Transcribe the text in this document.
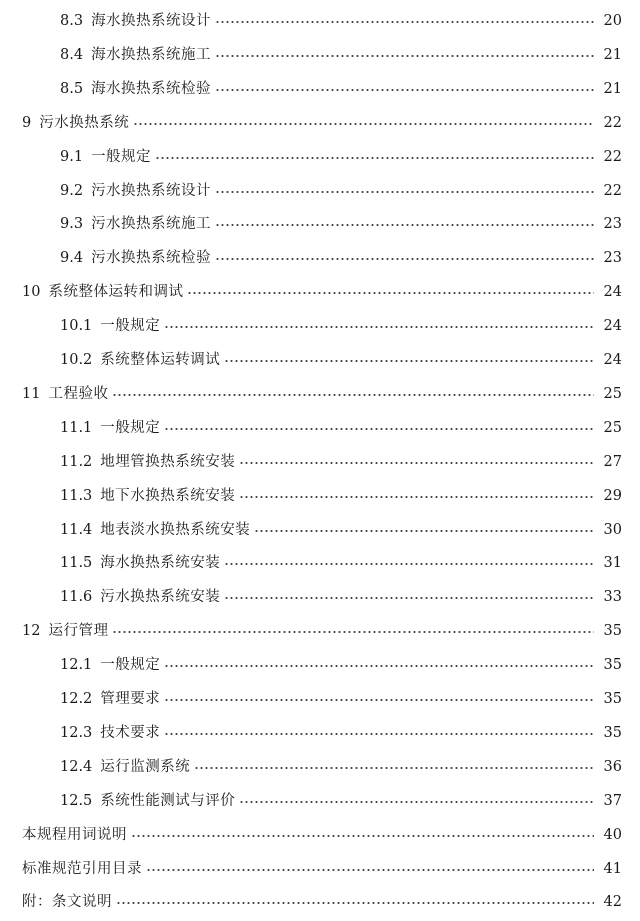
8.3 海水换热系统设计	20
8.4 海水换热系统施工	21
8.5 海水换热系统检验	21
9 污水换热系统	22
9.1 一般规定	22
9.2 污水换热系统设计	22
9.3 污水换热系统施工	23
9.4 污水换热系统检验	23
10 系统整体运转和调试	24
10.1 一般规定	24
10.2 系统整体运转调试	24
11 工程验收	25
11.1 一般规定	25
11.2 地埋管换热系统安装	27
11.3 地下水换热系统安装	29
11.4 地表淡水换热系统安装	30
11.5 海水换热系统安装	31
11.6 污水换热系统安装	33
12 运行管理	35
12.1 一般规定	35
12.2 管理要求	35
12.3 技术要求	35
12.4 运行监测系统	36
12.5 系统性能测试与评价	37
本规程用词说明	40
标准规范引用目录	41
附：条文说明	42
